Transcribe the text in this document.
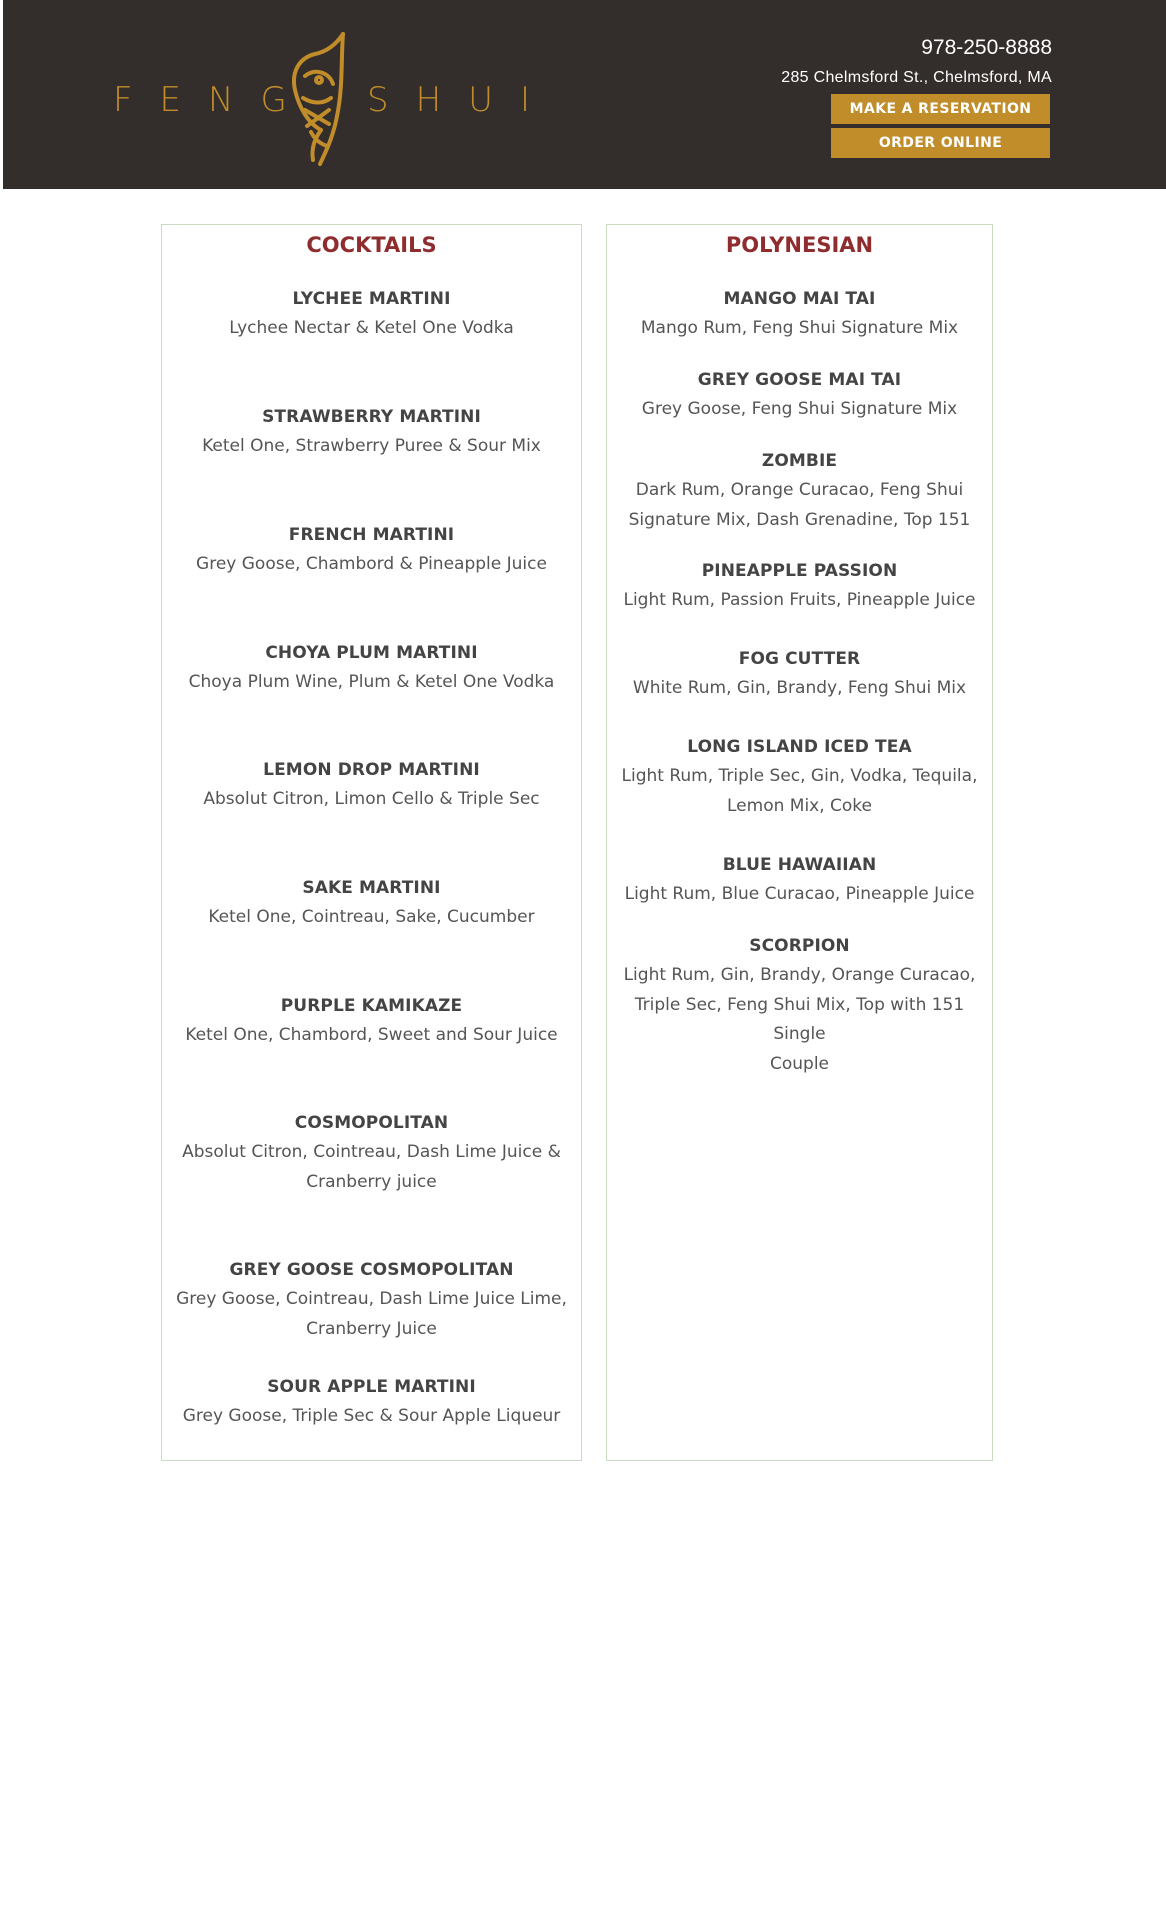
FENG SHUI
978-250-8888
285 Chelmsford St., Chelmsford, MA
MAKE A RESERVATION
ORDER ONLINE
COCKTAILS
LYCHEE MARTINI
Lychee Nectar & Ketel One Vodka
STRAWBERRY MARTINI
Ketel One, Strawberry Puree & Sour Mix
FRENCH MARTINI
Grey Goose, Chambord & Pineapple Juice
CHOYA PLUM MARTINI
Choya Plum Wine, Plum & Ketel One Vodka
LEMON DROP MARTINI
Absolut Citron, Limon Cello & Triple Sec
SAKE MARTINI
Ketel One, Cointreau, Sake, Cucumber
PURPLE KAMIKAZE
Ketel One, Chambord, Sweet and Sour Juice
COSMOPOLITAN
Absolut Citron, Cointreau, Dash Lime Juice &
Cranberry juice
GREY GOOSE COSMOPOLITAN
Grey Goose, Cointreau, Dash Lime Juice Lime,
Cranberry Juice
SOUR APPLE MARTINI
Grey Goose, Triple Sec & Sour Apple Liqueur
POLYNESIAN
MANGO MAI TAI
Mango Rum, Feng Shui Signature Mix
GREY GOOSE MAI TAI
Grey Goose, Feng Shui Signature Mix
ZOMBIE
Dark Rum, Orange Curacao, Feng Shui
Signature Mix, Dash Grenadine, Top 151
PINEAPPLE PASSION
Light Rum, Passion Fruits, Pineapple Juice
FOG CUTTER
White Rum, Gin, Brandy, Feng Shui Mix
LONG ISLAND ICED TEA
Light Rum, Triple Sec, Gin, Vodka, Tequila,
Lemon Mix, Coke
BLUE HAWAIIAN
Light Rum, Blue Curacao, Pineapple Juice
SCORPION
Light Rum, Gin, Brandy, Orange Curacao,
Triple Sec, Feng Shui Mix, Top with 151
Single
Couple
